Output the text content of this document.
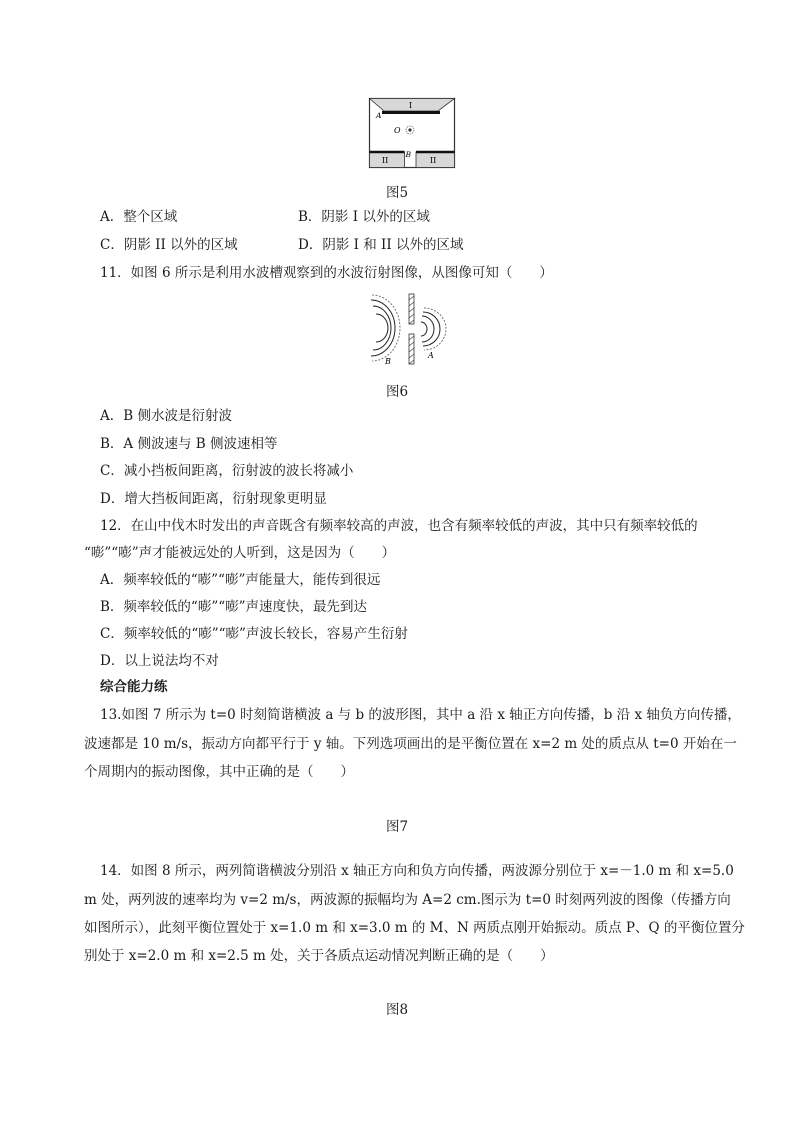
I
A
O
II	II
B
图5
A．整个区域	B．阴影 I 以外的区域
C．阴影 II 以外的区域	D．阴影 I 和 II 以外的区域
11．如图 6 所示是利用水波槽观察到的水波衍射图像，从图像可知（　　）
B
A
图6
A．B 侧水波是衍射波
B．A 侧波速与 B 侧波速相等
C．减小挡板间距离，衍射波的波长将减小
D．增大挡板间距离，衍射现象更明显
12．在山中伐木时发出的声音既含有频率较高的声波，也含有频率较低的声波，其中只有频率较低的
“嘭”“嘭”声才能被远处的人听到，这是因为（　　）
A．频率较低的“嘭”“嘭”声能量大，能传到很远
B．频率较低的“嘭”“嘭”声速度快，最先到达
C．频率较低的“嘭”“嘭”声波长较长，容易产生衍射
D．以上说法均不对
综合能力练
13.如图 7 所示为 t=0 时刻简谐横波 a 与 b 的波形图，其中 a 沿 x 轴正方向传播，b 沿 x 轴负方向传播，
波速都是 10 m/s，振动方向都平行于 y 轴。下列选项画出的是平衡位置在 x=2 m 处的质点从 t=0 开始在一
个周期内的振动图像，其中正确的是（　　）
图7
14．如图 8 所示，两列简谐横波分别沿 x 轴正方向和负方向传播，两波源分别位于 x=－1.0 m 和 x=5.0
m 处，两列波的速率均为 v=2 m/s，两波源的振幅均为 A=2 cm.图示为 t=0 时刻两列波的图像（传播方向
如图所示），此刻平衡位置处于 x=1.0 m 和 x=3.0 m 的 M、N 两质点刚开始振动。质点 P、Q 的平衡位置分
别处于 x=2.0 m 和 x=2.5 m 处，关于各质点运动情况判断正确的是（　　）
图8
